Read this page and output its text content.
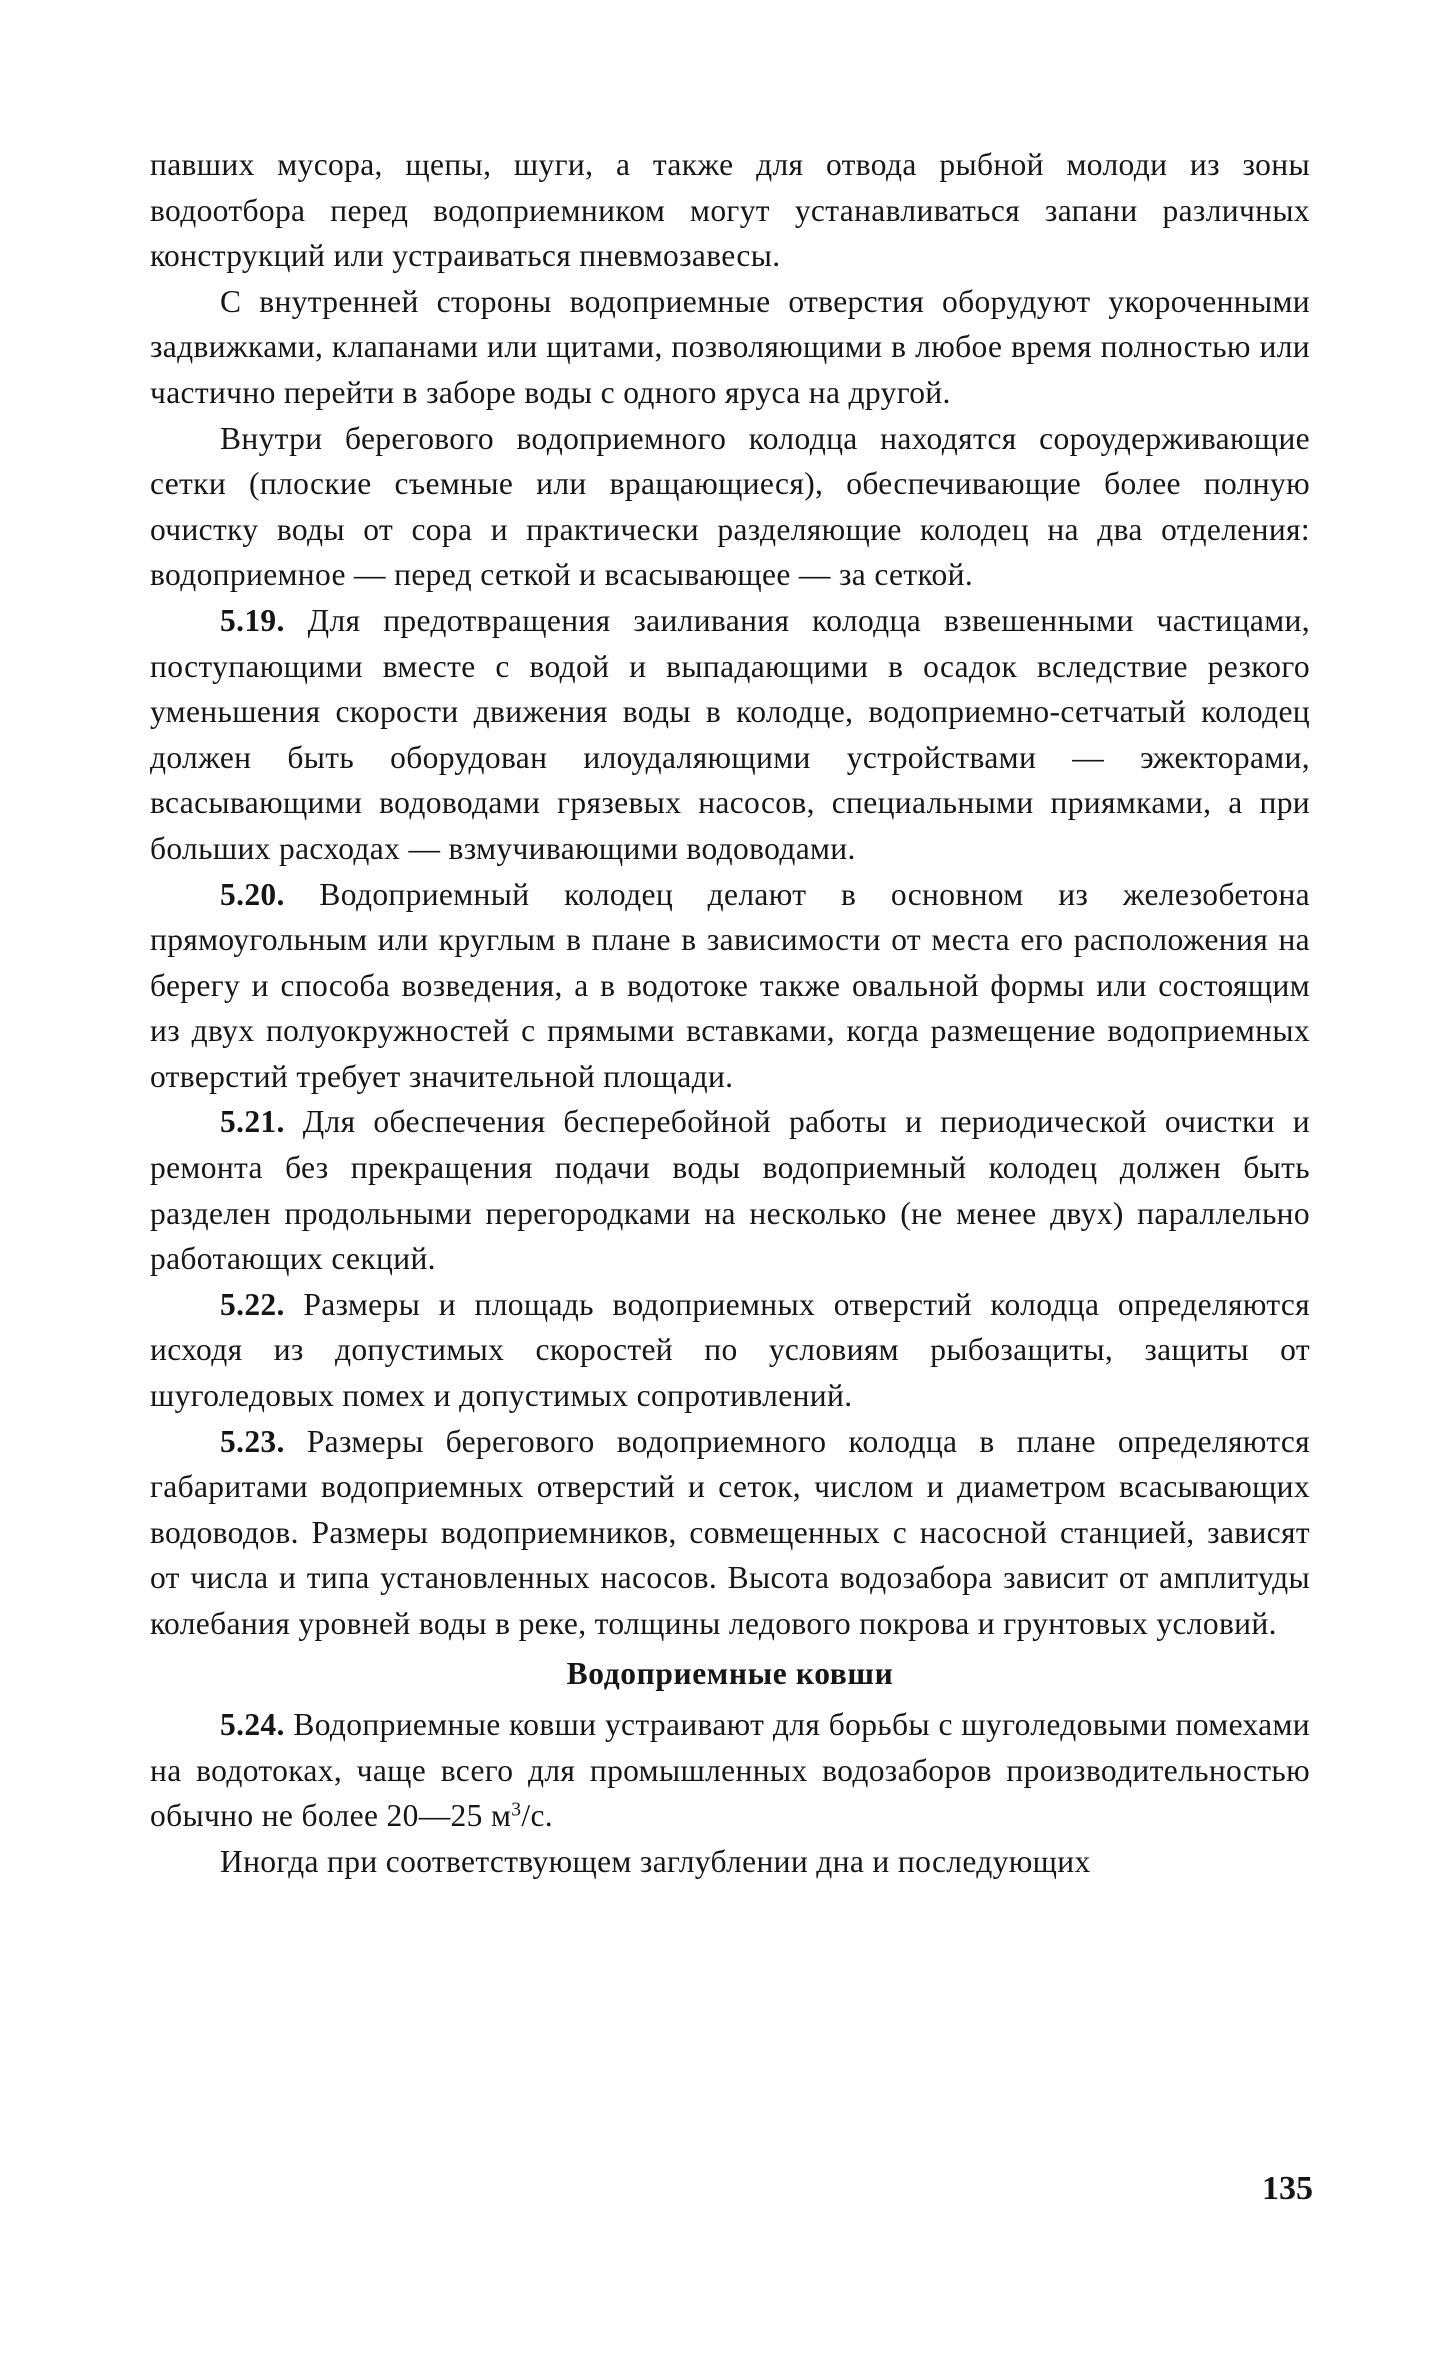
павших мусора, щепы, шуги, а также для отвода рыбной молоди из зоны водоотбора перед водоприемником могут устанавливаться запани различных конструкций или устраиваться пневмозавесы.

С внутренней стороны водоприемные отверстия оборудуют укороченными задвижками, клапанами или щитами, позволяющими в любое время полностью или частично перейти в заборе воды с одного яруса на другой.

Внутри берегового водоприемного колодца находятся сороудерживающие сетки (плоские съемные или вращающиеся), обеспечивающие более полную очистку воды от сора и практически разделяющие колодец на два отделения: водоприемное — перед сеткой и всасывающее — за сеткой.

5.19. Для предотвращения заиливания колодца взвешенными частицами, поступающими вместе с водой и выпадающими в осадок вследствие резкого уменьшения скорости движения воды в колодце, водоприемно-сетчатый колодец должен быть оборудован илоудаляющими устройствами — эжекторами, всасывающими водоводами грязевых насосов, специальными приямками, а при больших расходах — взмучивающими водоводами.

5.20. Водоприемный колодец делают в основном из железобетона прямоугольным или круглым в плане в зависимости от места его расположения на берегу и способа возведения, а в водотоке также овальной формы или состоящим из двух полуокружностей с прямыми вставками, когда размещение водоприемных отверстий требует значительной площади.

5.21. Для обеспечения бесперебойной работы и периодической очистки и ремонта без прекращения подачи воды водоприемный колодец должен быть разделен продольными перегородками на несколько (не менее двух) параллельно работающих секций.

5.22. Размеры и площадь водоприемных отверстий колодца определяются исходя из допустимых скоростей по условиям рыбозащиты, защиты от шуголедовых помех и допустимых сопротивлений.

5.23. Размеры берегового водоприемного колодца в плане определяются габаритами водоприемных отверстий и сеток, числом и диаметром всасывающих водоводов. Размеры водоприемников, совмещенных с насосной станцией, зависят от числа и типа установленных насосов. Высота водозабора зависит от амплитуды колебания уровней воды в реке, толщины ледового покрова и грунтовых условий.

Водоприемные ковши

5.24. Водоприемные ковши устраивают для борьбы с шуголедовыми помехами на водотоках, чаще всего для промышленных водозаборов производительностью обычно не более 20—25 $м^3/с$.

Иногда при соответствующем заглублении дна и последующих

135
